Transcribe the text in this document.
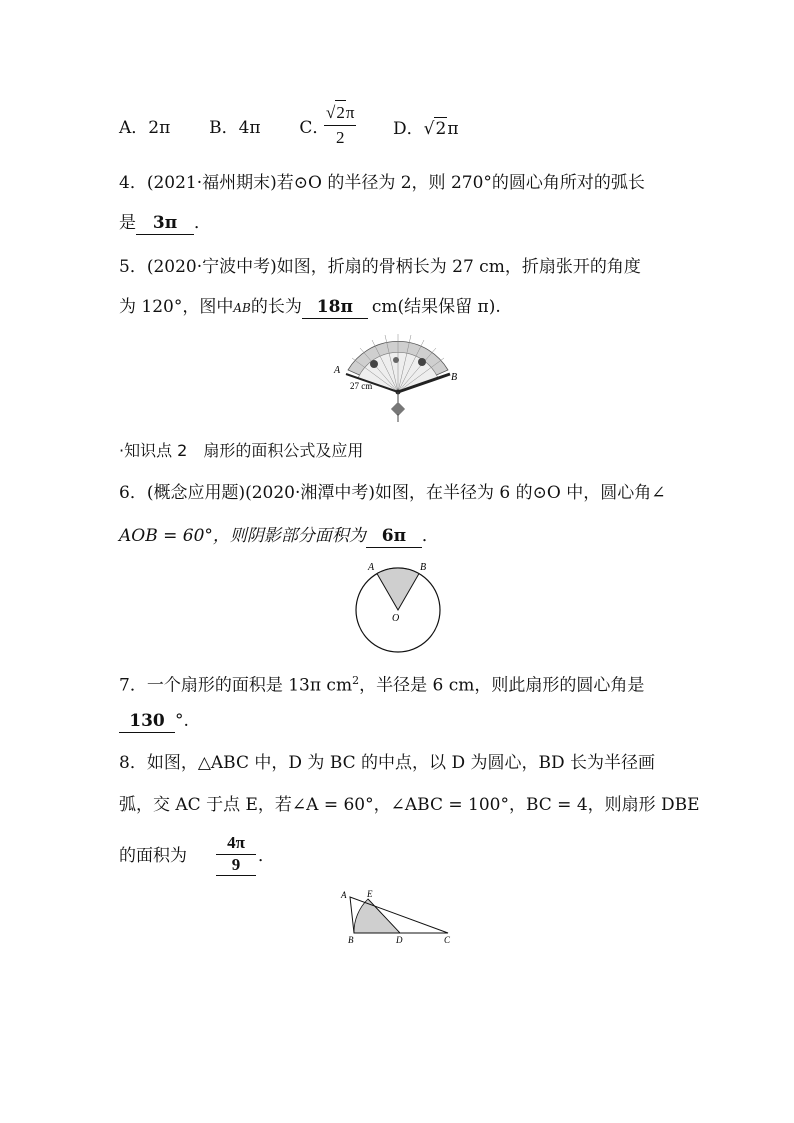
A．2π B．4π C．
√2π
2	D．√2π
4．(2021·福州期末)若⊙O 的半径为 2，则 270°的圆心角所对的弧长
是 3π ．
5．(2020·宁波中考)如图，折扇的骨柄长为 27 cm，折扇张开的角度
为 120°，图中AB的长为 18π cm(结果保留 π).
A
B
27 cm
·知识点 2　扇形的面积公式及应用
6．(概念应用题)(2020·湘潭中考)如图，在半径为 6 的⊙O 中，圆心角∠
AOB = 60°，则阴影部分面积为 6π ．
A	B
O
7．一个扇形的面积是 13π $cm^2$，半径是 6 cm，则此扇形的圆心角是
130 °.
8．如图，△ABC 中，D 为 BC 的中点，以 D 为圆心，BD 长为半径画
弧，交 AC 于点 E，若∠A = 60°，∠ABC = 100°，BC = 4，则扇形 DBE
的面积为 $\frac{4\pi}{9}$ ．
A E
B	D	C
